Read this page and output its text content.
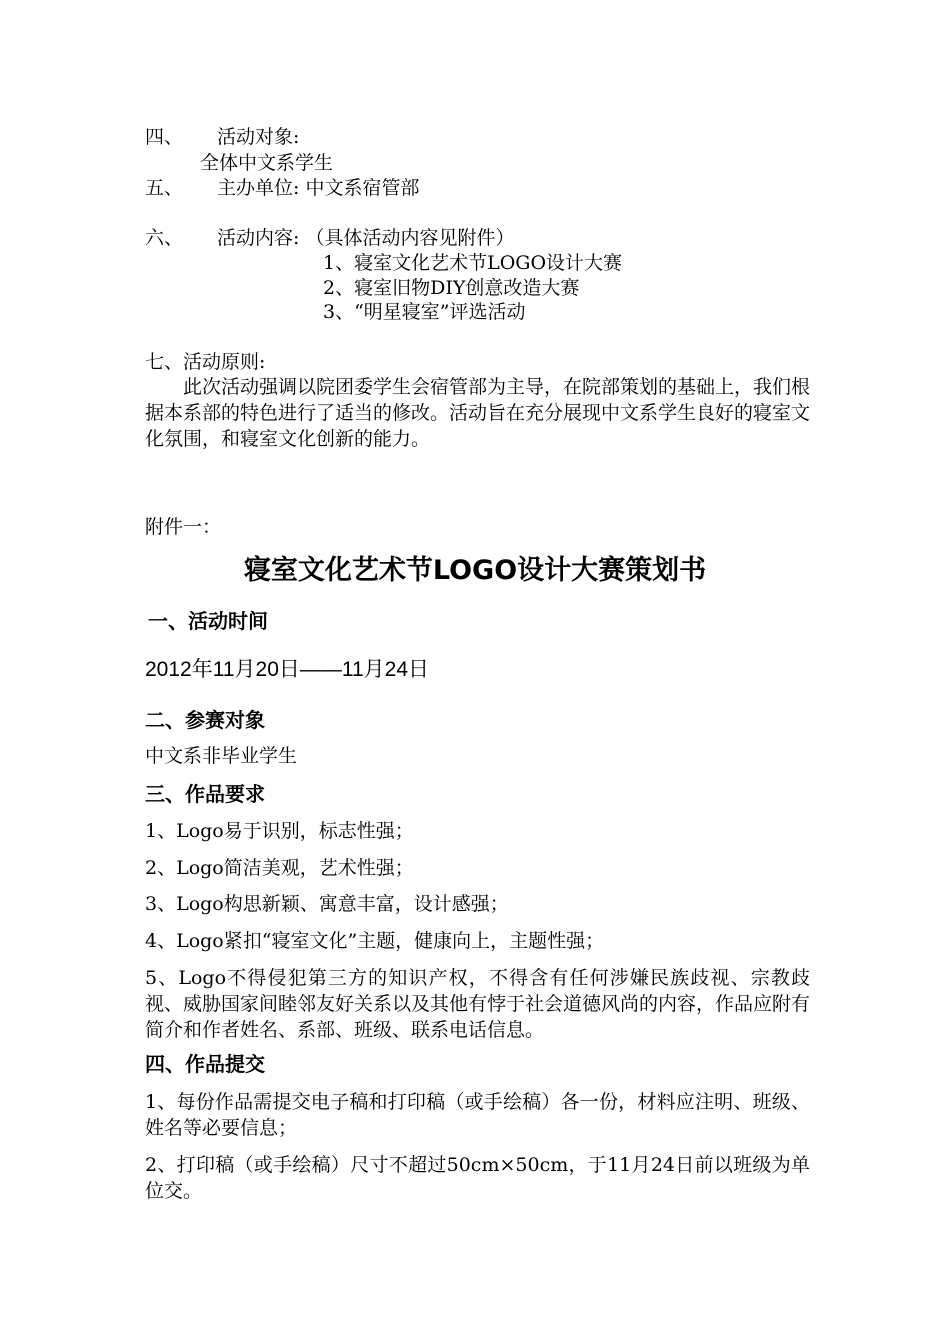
四、 活动对象:
全体中文系学生
五、 主办单位: 中文系宿管部
六、 活动内容: （具体活动内容见附件）
1、寝室文化艺术节LOGO设计大赛
2、寝室旧物DIY创意改造大赛
3、“明星寝室”评选活动
七、活动原则:
此次活动强调以院团委学生会宿管部为主导，在院部策划的基础上，我们根据本系部的特色进行了适当的修改。活动旨在充分展现中文系学生良好的寝室文化氛围，和寝室文化创新的能力。
附件一：
寝室文化艺术节LOGO设计大赛策划书
一、活动时间
2012年11月20日——11月24日
二、参赛对象
中文系非毕业学生
三、作品要求
1、Logo易于识别，标志性强；
2、Logo简洁美观，艺术性强；
3、Logo构思新颖、寓意丰富，设计感强；
4、Logo紧扣“寝室文化”主题，健康向上，主题性强；
5、Logo不得侵犯第三方的知识产权，不得含有任何涉嫌民族歧视、宗教歧视、威胁国家间睦邻友好关系以及其他有悖于社会道德风尚的内容，作品应附有简介和作者姓名、系部、班级、联系电话信息。
四、作品提交
1、每份作品需提交电子稿和打印稿（或手绘稿）各一份，材料应注明、班级、姓名等必要信息；
2、打印稿（或手绘稿）尺寸不超过50cm×50cm，于11月24日前以班级为单位交。
